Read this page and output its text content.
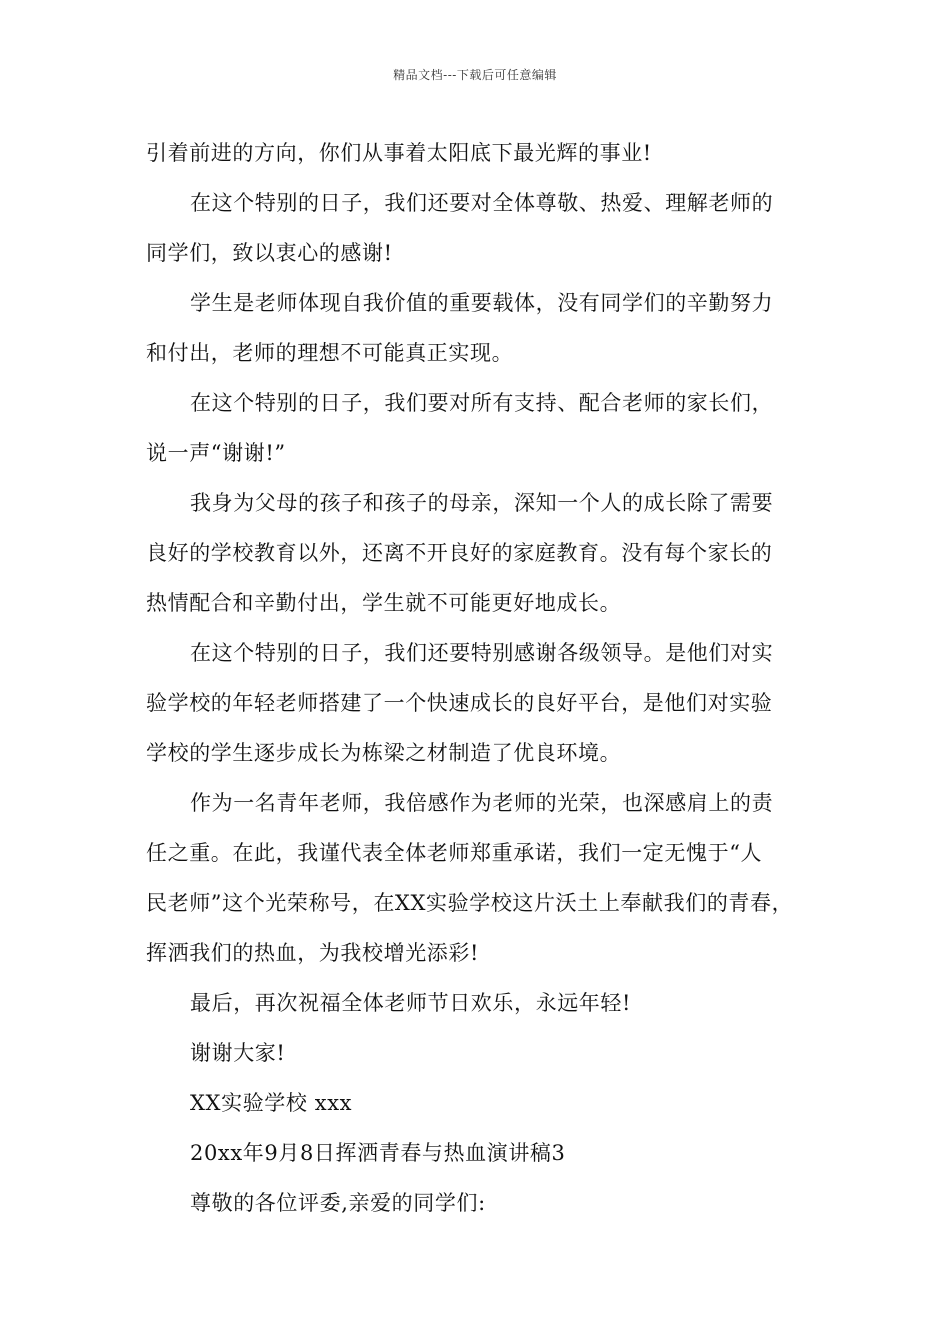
精品文档---下载后可任意编辑
引着前进的方向，你们从事着太阳底下最光辉的事业!
在这个特别的日子，我们还要对全体尊敬、热爱、理解老师的
同学们，致以衷心的感谢!
学生是老师体现自我价值的重要载体，没有同学们的辛勤努力
和付出，老师的理想不可能真正实现。
在这个特别的日子，我们要对所有支持、配合老师的家长们，
说一声“谢谢!”
我身为父母的孩子和孩子的母亲，深知一个人的成长除了需要
良好的学校教育以外，还离不开良好的家庭教育。没有每个家长的
热情配合和辛勤付出，学生就不可能更好地成长。
在这个特别的日子，我们还要特别感谢各级领导。是他们对实
验学校的年轻老师搭建了一个快速成长的良好平台，是他们对实验
学校的学生逐步成长为栋梁之材制造了优良环境。
作为一名青年老师，我倍感作为老师的光荣，也深感肩上的责
任之重。在此，我谨代表全体老师郑重承诺，我们一定无愧于“人
民老师”这个光荣称号，在XX实验学校这片沃土上奉献我们的青春，
挥洒我们的热血，为我校增光添彩!
最后，再次祝福全体老师节日欢乐，永远年轻!
谢谢大家!
XX实验学校 xxx
20xx年9月8日挥洒青春与热血演讲稿3
尊敬的各位评委,亲爱的同学们:
